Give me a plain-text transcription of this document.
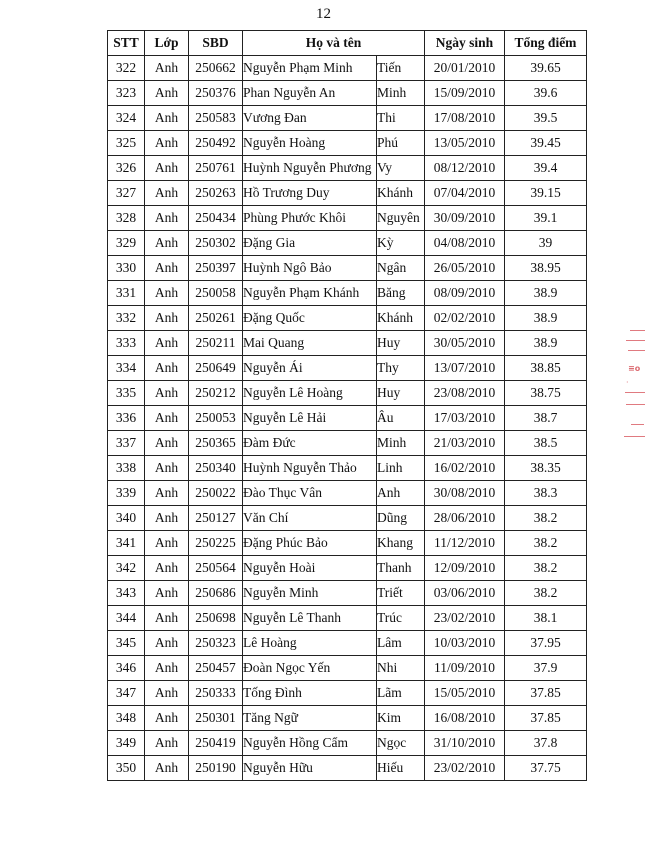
12
STT	Lớp	SBD	Họ và tên		Ngày sinh	Tổng điểm
322	Anh	250662	Nguyễn Phạm Minh	Tiến	20/01/2010	39.65
323	Anh	250376	Phan Nguyễn An	Minh	15/09/2010	39.6
324	Anh	250583	Vương Đan	Thi	17/08/2010	39.5
325	Anh	250492	Nguyễn Hoàng	Phú	13/05/2010	39.45
326	Anh	250761	Huỳnh Nguyễn Phương	Vy	08/12/2010	39.4
327	Anh	250263	Hồ Trương Duy	Khánh	07/04/2010	39.15
328	Anh	250434	Phùng Phước Khôi	Nguyên	30/09/2010	39.1
329	Anh	250302	Đặng Gia	Kỳ	04/08/2010	39
330	Anh	250397	Huỳnh Ngô Bảo	Ngân	26/05/2010	38.95
331	Anh	250058	Nguyễn Phạm Khánh	Băng	08/09/2010	38.9
332	Anh	250261	Đặng Quốc	Khánh	02/02/2010	38.9
333	Anh	250211	Mai Quang	Huy	30/05/2010	38.9
334	Anh	250649	Nguyễn Ái	Thy	13/07/2010	38.85
335	Anh	250212	Nguyễn Lê Hoàng	Huy	23/08/2010	38.75
336	Anh	250053	Nguyễn Lê Hải	Âu	17/03/2010	38.7
337	Anh	250365	Đàm Đức	Minh	21/03/2010	38.5
338	Anh	250340	Huỳnh Nguyễn Thảo	Linh	16/02/2010	38.35
339	Anh	250022	Đào Thục Vân	Anh	30/08/2010	38.3
340	Anh	250127	Văn Chí	Dũng	28/06/2010	38.2
341	Anh	250225	Đặng Phúc Bảo	Khang	11/12/2010	38.2
342	Anh	250564	Nguyễn Hoài	Thanh	12/09/2010	38.2
343	Anh	250686	Nguyễn Minh	Triết	03/06/2010	38.2
344	Anh	250698	Nguyễn Lê Thanh	Trúc	23/02/2010	38.1
345	Anh	250323	Lê Hoàng	Lâm	10/03/2010	37.95
346	Anh	250457	Đoàn Ngọc Yến	Nhi	11/09/2010	37.9
347	Anh	250333	Tống Đình	Lãm	15/05/2010	37.85
348	Anh	250301	Tăng Ngữ	Kim	16/08/2010	37.85
349	Anh	250419	Nguyễn Hồng Cẩm	Ngọc	31/10/2010	37.8
350	Anh	250190	Nguyễn Hữu	Hiếu	23/02/2010	37.75
≡o
·
